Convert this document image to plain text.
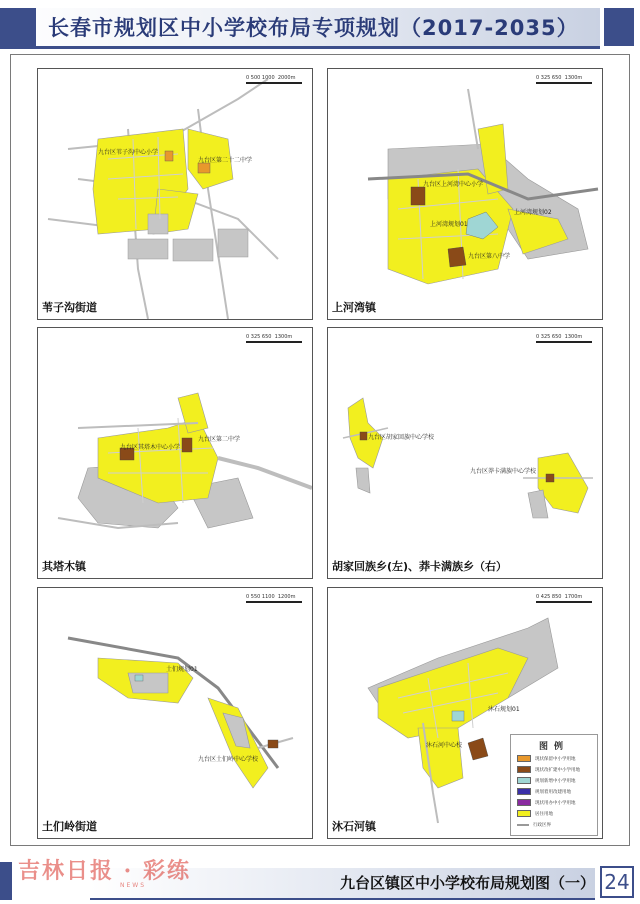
长春市规划区中小学校布局专项规划（2017-2035）
0 500 1000 2000m
九台区苇子沟中心小学
九台区第二十二中学
苇子沟街道
0 325 650 1300m
九台区上河湾中心小学
上河湾规划01
上河湾规划02
九台区第八中学
上河湾镇
0 325 650 1300m
九台区其塔木中心小学
九台区第二中学
其塔木镇
0 325 650 1300m
九台区胡家回族中心学校
九台区莽卡满族中心学校
胡家回族乡(左)、莽卡满族乡（右）
0 550 1100 1200m
土们规划01
九台区土们岭中心学校
土们岭街道
0 425 850 1700m
沐石规划01
沐石河中心校
沐石河镇
图例
现状保留中小学用地
现状改扩建中小学用地
规划新增中小学用地
规划着用改建用地
现状用办中小学用地
居住用地
行政区界
吉林日报 · 彩练
NEWS	九台区镇区中小学校布局规划图（一） 24
